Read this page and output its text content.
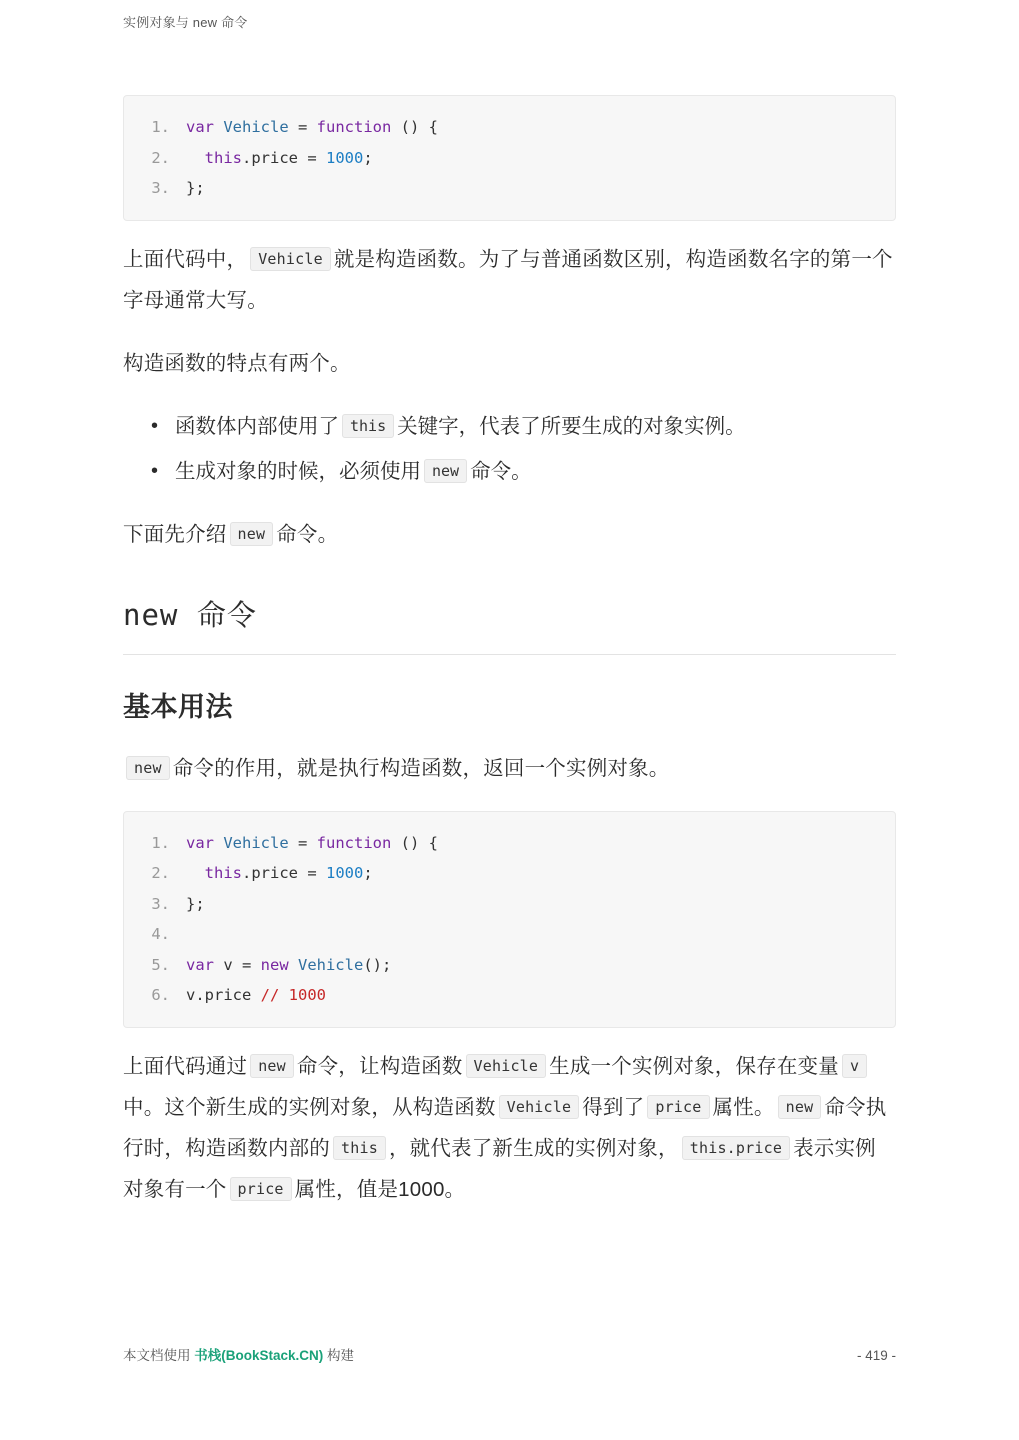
实例对象与 new 命令
1.	var Vehicle = function () {
2.	this.price = 1000;
3.	};

上面代码中， Vehicle 就是构造函数。为了与普通函数区别，构造函数名字的第一个字母通常大写。

构造函数的特点有两个。

• 函数体内部使用了 this 关键字，代表了所要生成的对象实例。
• 生成对象的时候，必须使用 new 命令。

下面先介绍 new 命令。

new 命令
基本用法

new 命令的作用，就是执行构造函数，返回一个实例对象。

1.	var Vehicle = function () {
2.	this.price = 1000;
3.	};
4.
5.	var v = new Vehicle();
6.	v.price // 1000

上面代码通过 new 命令，让构造函数 Vehicle 生成一个实例对象，保存在变量 v中。这个新生成的实例对象，从构造函数 Vehicle 得到了 price 属性。 new 命令执行时，构造函数内部的 this ，就代表了新生成的实例对象， this.price 表示实例对象有一个 price 属性，值是1000。

本文档使用 书栈(BookStack.CN) 构建	- 419 -
